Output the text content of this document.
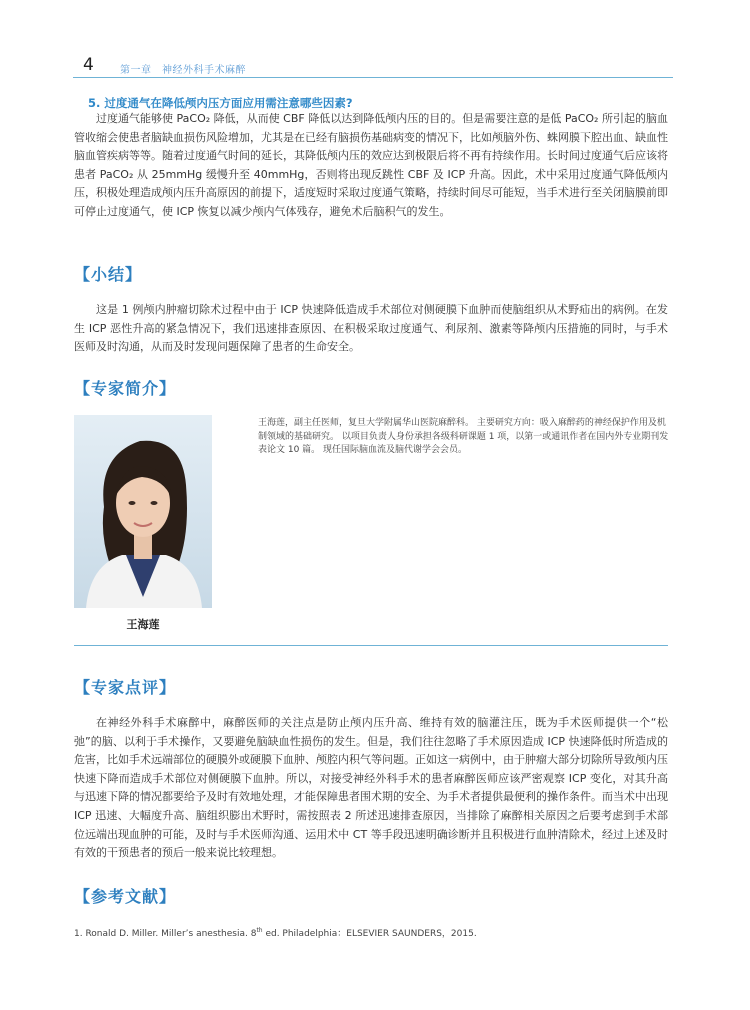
4	第一章　神经外科手术麻醉
5. 过度通气在降低颅内压方面应用需注意哪些因素?

过度通气能够使 PaCO₂ 降低，从而使 CBF 降低以达到降低颅内压的目的。但是需要注意的是低 PaCO₂ 所引起的脑血管收缩会使患者脑缺血损伤风险增加，尤其是在已经有脑损伤基础病变的情况下，比如颅脑外伤、蛛网膜下腔出血、缺血性脑血管疾病等等。随着过度通气时间的延长，其降低颅内压的效应达到极限后将不再有持续作用。长时间过度通气后应该将患者 PaCO₂ 从 25mmHg 缓慢升至 40mmHg，否则将出现反跳性 CBF 及 ICP 升高。因此，术中采用过度通气降低颅内压，积极处理造成颅内压升高原因的前提下，适度短时采取过度通气策略，持续时间尽可能短，当手术进行至关闭脑膜前即可停止过度通气，使 ICP 恢复以减少颅内气体残存，避免术后脑积气的发生。

【小结】

这是 1 例颅内肿瘤切除术过程中由于 ICP 快速降低造成手术部位对侧硬膜下血肿而使脑组织从术野疝出的病例。在发生 ICP 恶性升高的紧急情况下，我们迅速排查原因、在积极采取过度通气、利尿剂、激素等降颅内压措施的同时，与手术医师及时沟通，从而及时发现问题保障了患者的生命安全。

【专家简介】
王海莲

王海莲，副主任医师，复旦大学附属华山医院麻醉科。 主要研究方向：吸入麻醉药的神经保护作用及机制领域的基础研究。 以项目负责人身份承担各级科研课题 1 项，以第一或通讯作者在国内外专业期刊发表论文 10 篇。 现任国际脑血流及脑代谢学会会员。

【专家点评】

在神经外科手术麻醉中，麻醉医师的关注点是防止颅内压升高、维持有效的脑灌注压，既为手术医师提供一个“松弛”的脑、以利于手术操作，又要避免脑缺血性损伤的发生。但是，我们往往忽略了手术原因造成 ICP 快速降低时所造成的危害，比如手术远端部位的硬膜外或硬膜下血肿、颅腔内积气等问题。正如这一病例中，由于肿瘤大部分切除所导致颅内压快速下降而造成手术部位对侧硬膜下血肿。所以，对接受神经外科手术的患者麻醉医师应该严密观察 ICP 变化，对其升高与迅速下降的情况都要给予及时有效地处理，才能保障患者围术期的安全、为手术者提供最便利的操作条件。而当术中出现 ICP 迅速、大幅度升高、脑组织膨出术野时，需按照表 2 所述迅速排查原因，当排除了麻醉相关原因之后要考虑到手术部位远端出现血肿的可能，及时与手术医师沟通、运用术中 CT 等手段迅速明确诊断并且积极进行血肿清除术，经过上述及时有效的干预患者的预后一般来说比较理想。

【参考文献】
1. Ronald D. Miller. Miller’s anesthesia. 8th ed. Philadelphia：ELSEVIER SAUNDERS，2015.
